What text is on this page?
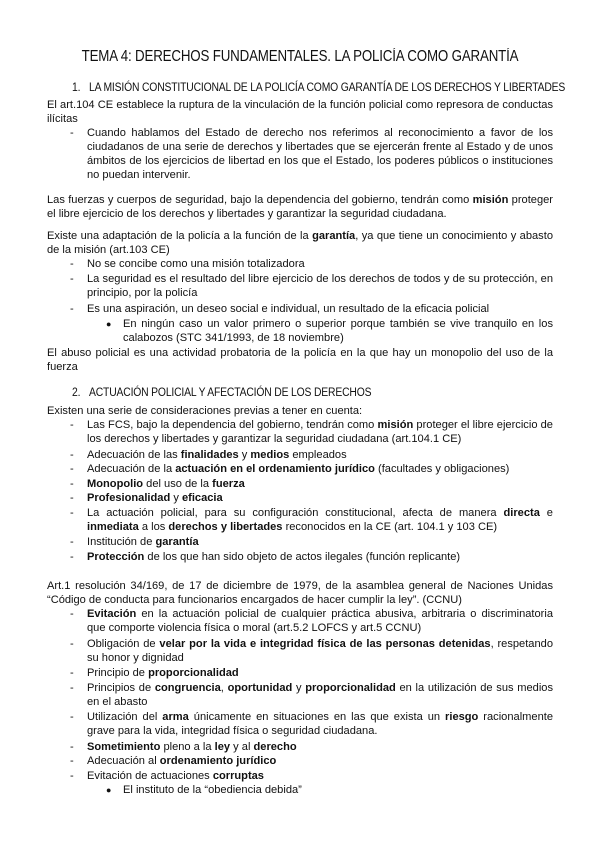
TEMA 4: DERECHOS FUNDAMENTALES. LA POLICÍA COMO GARANTÍA
1. LA MISIÓN CONSTITUCIONAL DE LA POLICÍA COMO GARANTÍA DE LOS DERECHOS Y LIBERTADES
El art.104 CE establece la ruptura de la vinculación de la función policial como represora de conductas ilícitas
- Cuando hablamos del Estado de derecho nos referimos al reconocimiento a favor de los ciudadanos de una serie de derechos y libertades que se ejercerán frente al Estado y de unos ámbitos de los ejercicios de libertad en los que el Estado, los poderes públicos o instituciones no puedan intervenir.
Las fuerzas y cuerpos de seguridad, bajo la dependencia del gobierno, tendrán como misión proteger el libre ejercicio de los derechos y libertades y garantizar la seguridad ciudadana.
Existe una adaptación de la policía a la función de la garantía, ya que tiene un conocimiento y abasto de la misión (art.103 CE)
- No se concibe como una misión totalizadora
- La seguridad es el resultado del libre ejercicio de los derechos de todos y de su protección, en principio, por la policía
- Es una aspiración, un deseo social e individual, un resultado de la eficacia policial
● En ningún caso un valor primero o superior porque también se vive tranquilo en los calabozos (STC 341/1993, de 18 noviembre)
El abuso policial es una actividad probatoria de la policía en la que hay un monopolio del uso de la fuerza
2. ACTUACIÓN POLICIAL Y AFECTACIÓN DE LOS DERECHOS
Existen una serie de consideraciones previas a tener en cuenta:
- Las FCS, bajo la dependencia del gobierno, tendrán como misión proteger el libre ejercicio de los derechos y libertades y garantizar la seguridad ciudadana (art.104.1 CE)
- Adecuación de las finalidades y medios empleados
- Adecuación de la actuación en el ordenamiento jurídico (facultades y obligaciones)
- Monopolio del uso de la fuerza
- Profesionalidad y eficacia
- La actuación policial, para su configuración constitucional, afecta de manera directa e inmediata a los derechos y libertades reconocidos en la CE (art. 104.1 y 103 CE)
- Institución de garantía
- Protección de los que han sido objeto de actos ilegales (función replicante)
Art.1 resolución 34/169, de 17 de diciembre de 1979, de la asamblea general de Naciones Unidas “Código de conducta para funcionarios encargados de hacer cumplir la ley”. (CCNU)
- Evitación en la actuación policial de cualquier práctica abusiva, arbitraria o discriminatoria que comporte violencia física o moral (art.5.2 LOFCS y art.5 CCNU)
- Obligación de velar por la vida e integridad física de las personas detenidas, respetando su honor y dignidad
- Principio de proporcionalidad
- Principios de congruencia, oportunidad y proporcionalidad en la utilización de sus medios en el abasto
- Utilización del arma únicamente en situaciones en las que exista un riesgo racionalmente grave para la vida, integridad física o seguridad ciudadana.
- Sometimiento pleno a la ley y al derecho
- Adecuación al ordenamiento jurídico
- Evitación de actuaciones corruptas
● El instituto de la “obediencia debida”
